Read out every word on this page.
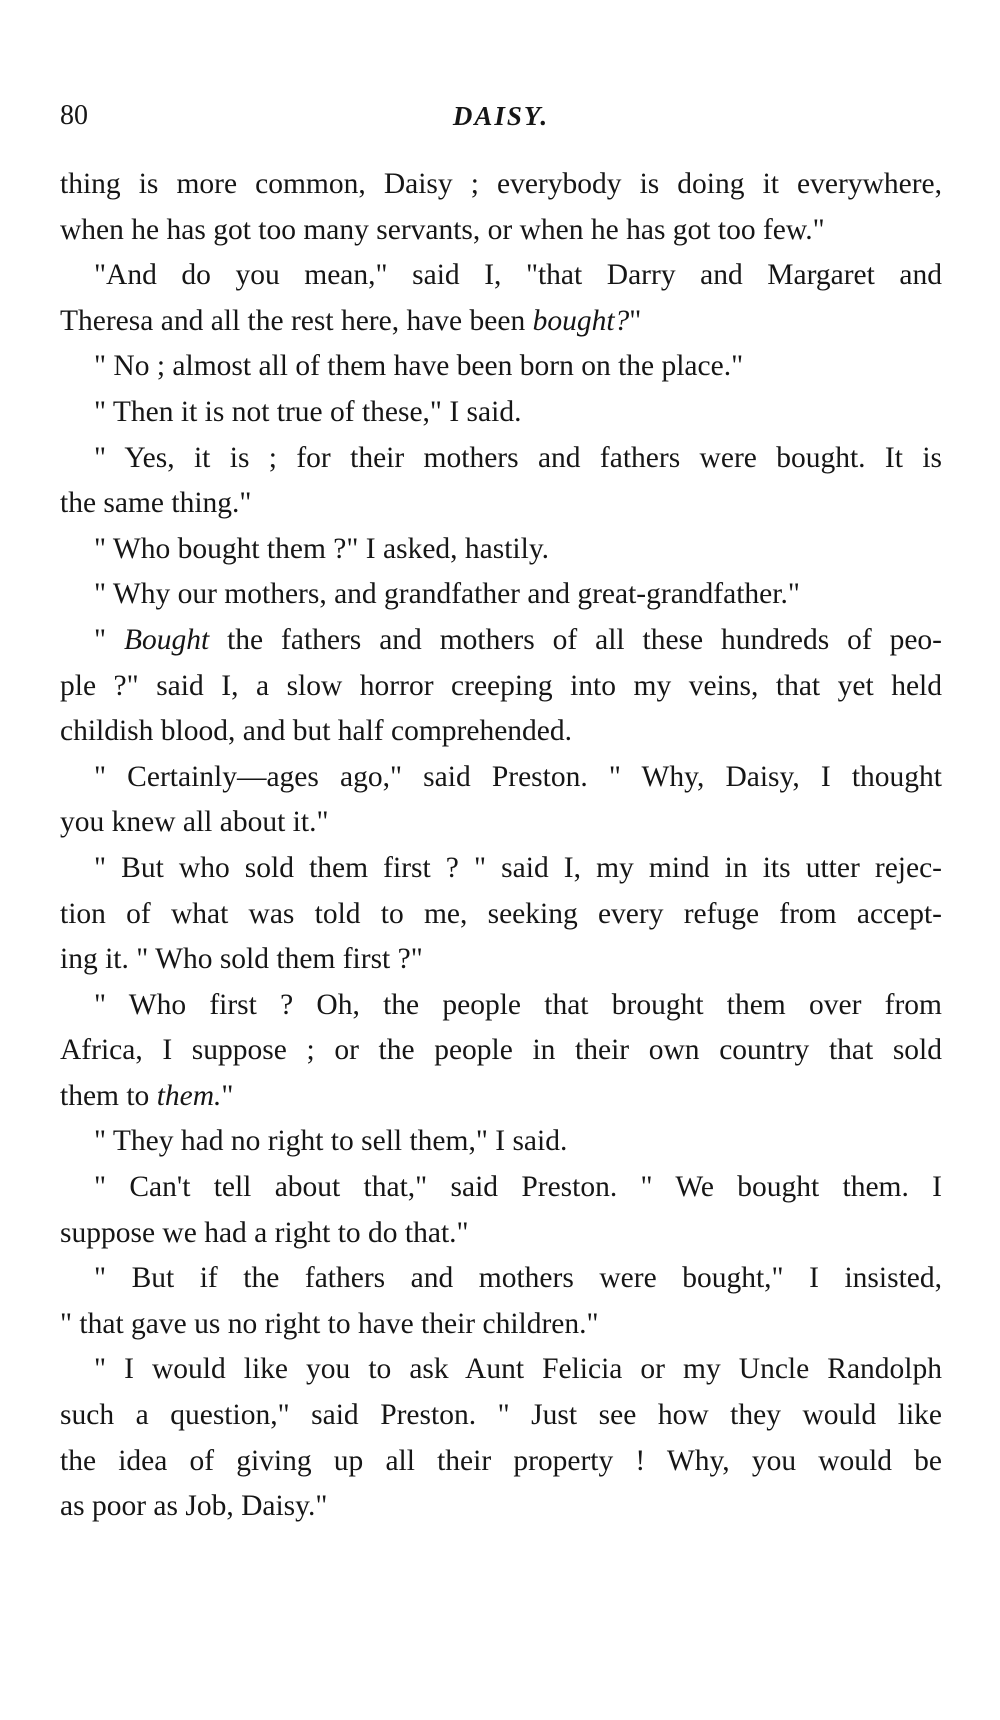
80	DAISY.

thing is more common, Daisy ; everybody is doing it everywhere,
when he has got too many servants, or when he has got too few."

"And do you mean," said I, "that Darry and Margaret and
Theresa and all the rest here, have been bought?"

" No ; almost all of them have been born on the place."

" Then it is not true of these," I said.

" Yes, it is ; for their mothers and fathers were bought. It is
the same thing."

" Who bought them ?" I asked, hastily.

" Why our mothers, and grandfather and great-grandfather."

" Bought the fathers and mothers of all these hundreds of peo-
ple ?" said I, a slow horror creeping into my veins, that yet held
childish blood, and but half comprehended.

" Certainly—ages ago," said Preston. " Why, Daisy, I thought
you knew all about it."

" But who sold them first ? " said I, my mind in its utter rejec-
tion of what was told to me, seeking every refuge from accept-
ing it. " Who sold them first ?"

" Who first ? Oh, the people that brought them over from
Africa, I suppose ; or the people in their own country that sold
them to them."

" They had no right to sell them," I said.

" Can't tell about that," said Preston. " We bought them. I
suppose we had a right to do that."

" But if the fathers and mothers were bought," I insisted,
" that gave us no right to have their children."

" I would like you to ask Aunt Felicia or my Uncle Randolph
such a question," said Preston. " Just see how they would like
the idea of giving up all their property ! Why, you would be
as poor as Job, Daisy."
